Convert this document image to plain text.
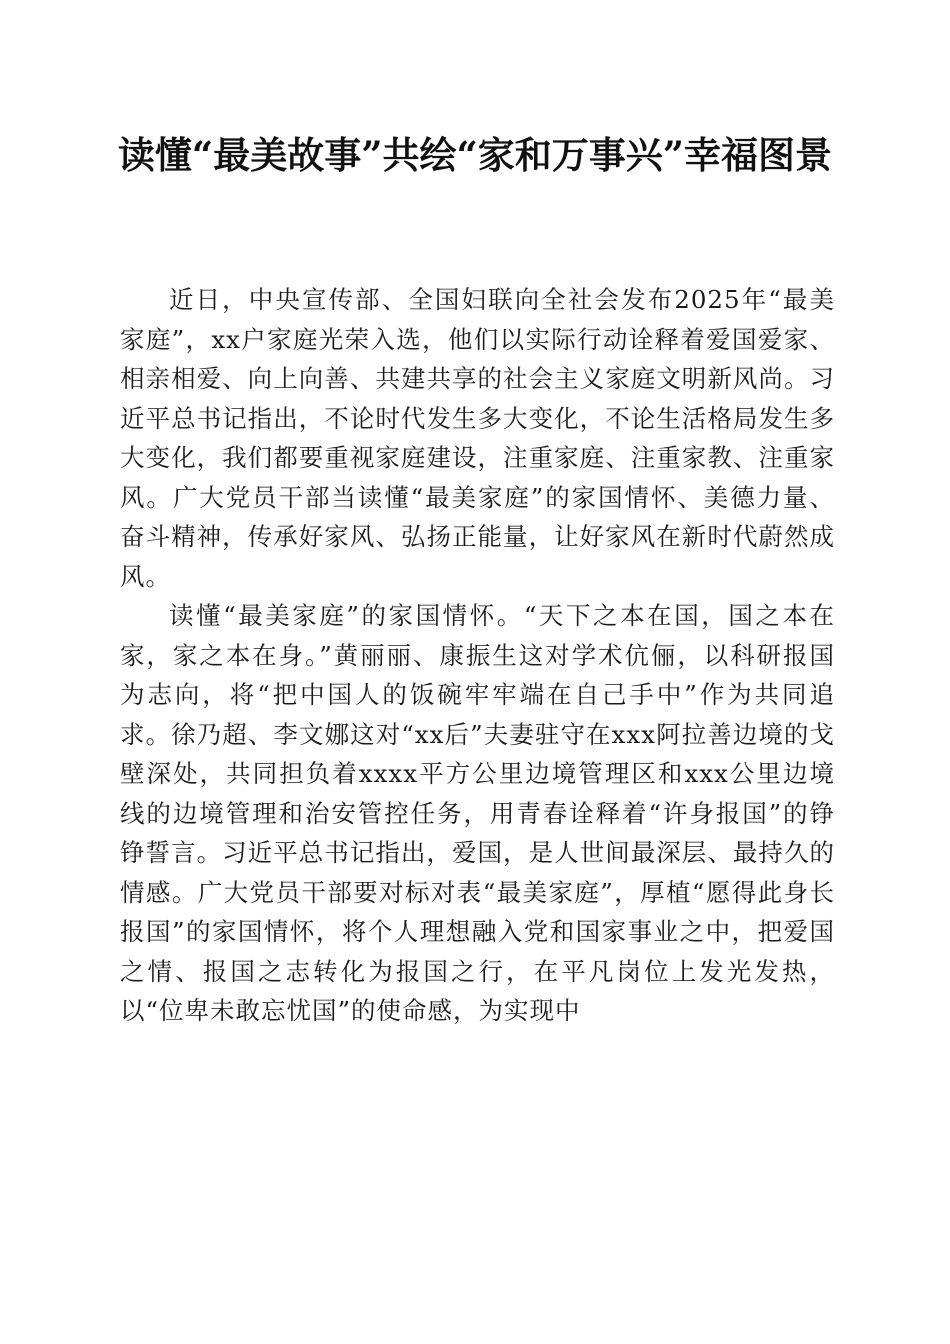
读懂“最美故事”共绘“家和万事兴”幸福图景

近日，中央宣传部、全国妇联向全社会发布2025年“最美家庭”，xx户家庭光荣入选，他们以实际行动诠释着爱国爱家、相亲相爱、向上向善、共建共享的社会主义家庭文明新风尚。习近平总书记指出，不论时代发生多大变化，不论生活格局发生多大变化，我们都要重视家庭建设，注重家庭、注重家教、注重家风。广大党员干部当读懂“最美家庭”的家国情怀、美德力量、奋斗精神，传承好家风、弘扬正能量，让好家风在新时代蔚然成风。

读懂“最美家庭”的家国情怀。“天下之本在国，国之本在家，家之本在身。”黄丽丽、康振生这对学术伉俪，以科研报国为志向，将“把中国人的饭碗牢牢端在自己手中”作为共同追求。徐乃超、李文娜这对“xx后”夫妻驻守在xxx阿拉善边境的戈壁深处，共同担负着xxxx平方公里边境管理区和xxx公里边境线的边境管理和治安管控任务，用青春诠释着“许身报国”的铮铮誓言。习近平总书记指出，爱国，是人世间最深层、最持久的情感。广大党员干部要对标对表“最美家庭”，厚植“愿得此身长报国”的家国情怀，将个人理想融入党和国家事业之中，把爱国之情、报国之志转化为报国之行，在平凡岗位上发光发热，以“位卑未敢忘忧国”的使命感，为实现中
